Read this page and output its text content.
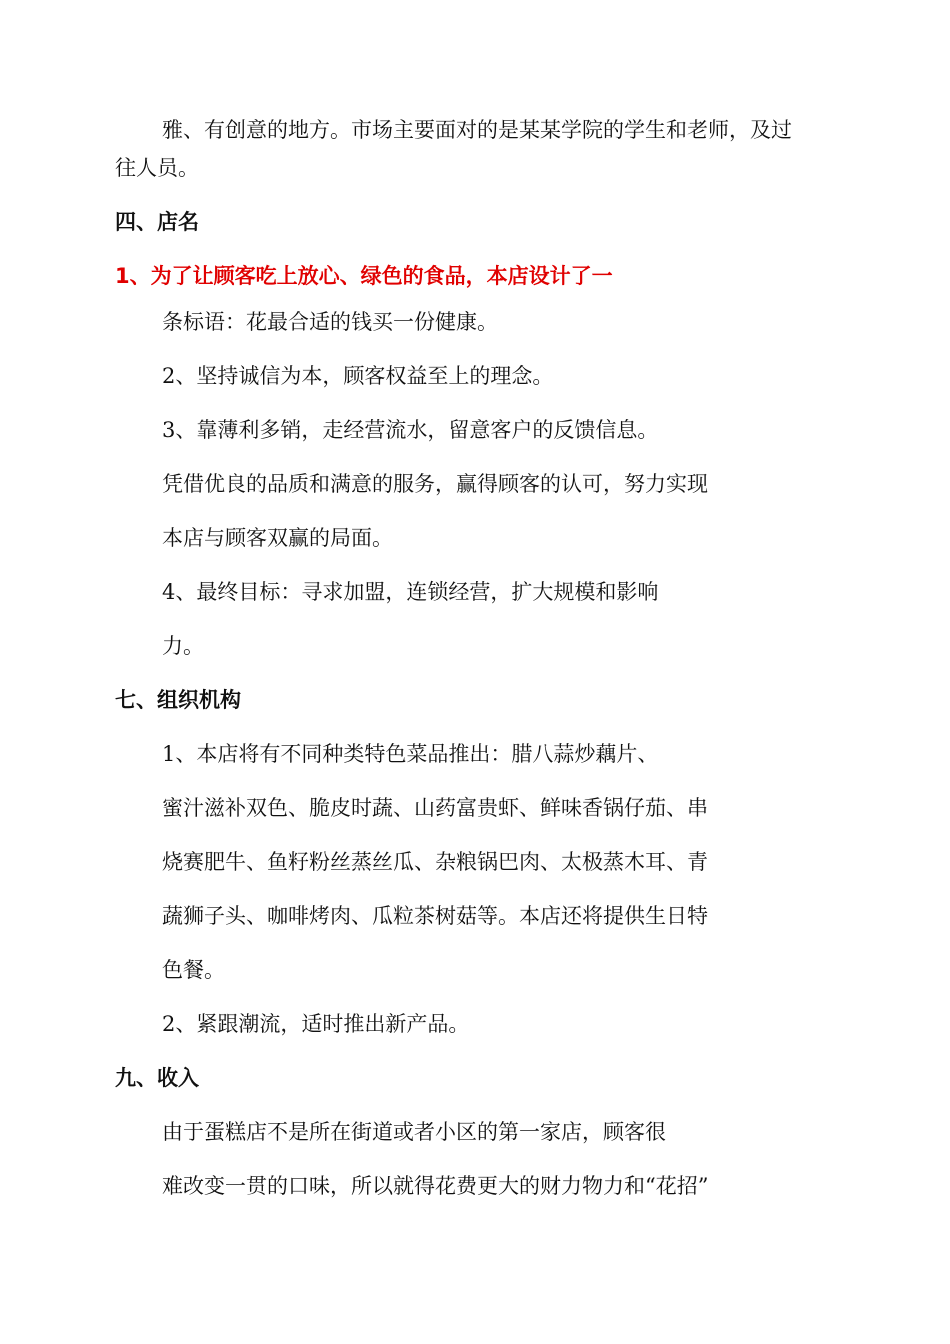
雅、有创意的地方。市场主要面对的是某某学院的学生和老师，及过
往人员。
四、店名
1、为了让顾客吃上放心、绿色的食品，本店设计了一
条标语：花最合适的钱买一份健康。
2、坚持诚信为本，顾客权益至上的理念。
3、靠薄利多销，走经营流水，留意客户的反馈信息。
凭借优良的品质和满意的服务，赢得顾客的认可，努力实现
本店与顾客双赢的局面。
4、最终目标：寻求加盟，连锁经营，扩大规模和影响
力。
七、组织机构
1、本店将有不同种类特色菜品推出：腊八蒜炒藕片、
蜜汁滋补双色、脆皮时蔬、山药富贵虾、鲜味香锅仔茄、串
烧赛肥牛、鱼籽粉丝蒸丝瓜、杂粮锅巴肉、太极蒸木耳、青
蔬狮子头、咖啡烤肉、瓜粒茶树菇等。本店还将提供生日特
色餐。
2、紧跟潮流，适时推出新产品。
九、收入
由于蛋糕店不是所在街道或者小区的第一家店，顾客很
难改变一贯的口味，所以就得花费更大的财力物力和“花招”
